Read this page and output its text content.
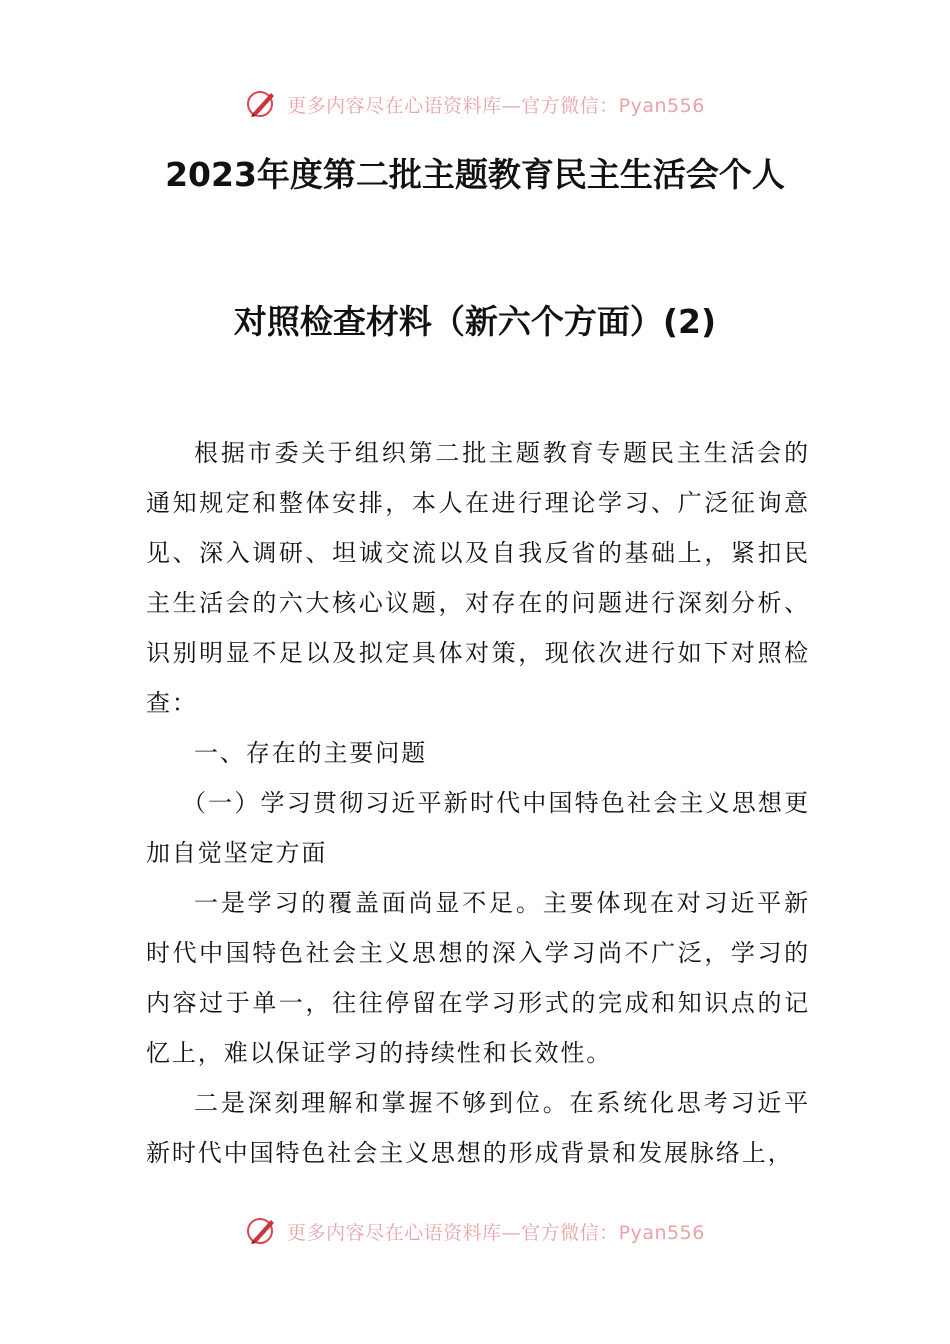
更多内容尽在心语资料库—官方微信：Pyan556
2023年度第二批主题教育民主生活会个人
对照检查材料（新六个方面）(2)

根据市委关于组织第二批主题教育专题民主生活会的通知规定和整体安排，本人在进行理论学习、广泛征询意见、深入调研、坦诚交流以及自我反省的基础上，紧扣民主生活会的六大核心议题，对存在的问题进行深刻分析、识别明显不足以及拟定具体对策，现依次进行如下对照检查：

一、存在的主要问题

（一）学习贯彻习近平新时代中国特色社会主义思想更加自觉坚定方面

一是学习的覆盖面尚显不足。主要体现在对习近平新时代中国特色社会主义思想的深入学习尚不广泛，学习的内容过于单一，往往停留在学习形式的完成和知识点的记忆上，难以保证学习的持续性和长效性。

二是深刻理解和掌握不够到位。在系统化思考习近平新时代中国特色社会主义思想的形成背景和发展脉络上，

更多内容尽在心语资料库—官方微信：Pyan556
